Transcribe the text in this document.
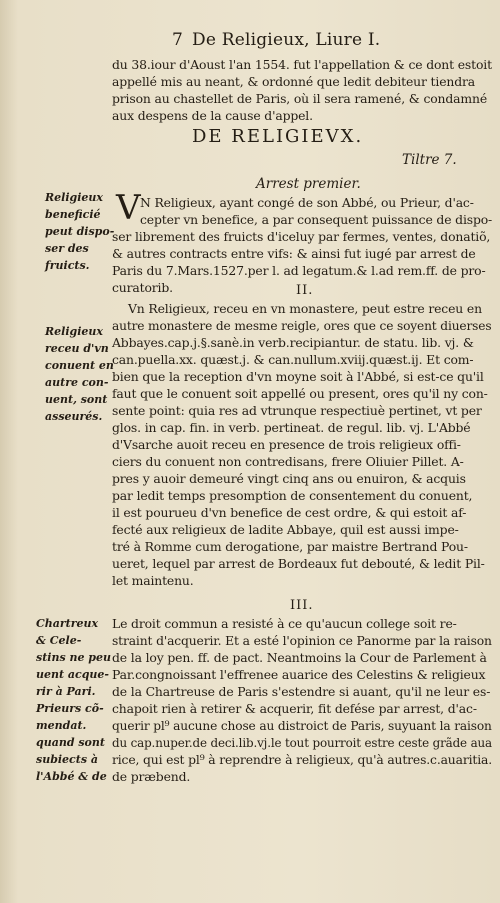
7 De Religieux, Liure I.
du 38.iour d'Aoust l'an 1554. fut l'appellation & ce dont estoit
appellé mis au neant, & ordonné que ledit debiteur tiendra
prison au chastellet de Paris, où il sera ramené, & condamné
aux despens de la cause d'appel.
DE RELIGIEVX.
Tiltre 7.
Arrest premier.
V N Religieux, ayant congé de son Abbé, ou Prieur, d'ac-
cepter vn benefice, a par consequent puissance de dispo-
ser librement des fruicts d'iceluy par fermes, ventes, donatiõ,
& autres contracts entre vifs: & ainsi fut iugé par arrest de
Paris du 7.Mars.1527.per l. ad legatum.& l.ad rem.ff. de pro-
curatorib.
Religieux
beneficié
peut dispo-
ser des
fruicts.
II.
Vn Religieux, receu en vn monastere, peut estre receu en
autre monastere de mesme reigle, ores que ce soyent diuerses
Abbayes.cap.j.§.sanè.in verb.recipiantur. de statu. lib. vj. &
can.puella.xx. quæst.j. & can.nullum.xviij.quæst.ij. Et com-
bien que la reception d'vn moyne soit à l'Abbé, si est-ce qu'il
faut que le conuent soit appellé ou present, ores qu'il ny con-
sente point: quia res ad vtrunque respectiuè pertinet, vt per
glos. in cap. fin. in verb. pertineat. de regul. lib. vj. L'Abbé
d'Vsarche auoit receu en presence de trois religieux offi-
ciers du conuent non contredisans, frere Oliuier Pillet. A-
pres y auoir demeuré vingt cinq ans ou enuiron, & acquis
par ledit temps presomption de consentement du conuent,
il est pourueu d'vn benefice de cest ordre, & qui estoit af-
fecté aux religieux de ladite Abbaye, quil est aussi impe-
tré à Romme cum derogatione, par maistre Bertrand Pou-
ueret, lequel par arrest de Bordeaux fut debouté, & ledit Pil-
let maintenu.
Religieux
receu d'vn
conuent en
autre con-
uent, sont
asseurés.
III.
Le droit commun a resisté à ce qu'aucun college soit re-
straint d'acquerir. Et a esté l'opinion ce Panorme par la raison
de la loy pen. ff. de pact. Neantmoins la Cour de Parlement à
Par.congnoissant l'effrenee auarice des Celestins & religieux
de la Chartreuse de Paris s'estendre si auant, qu'il ne leur es-
chapoit rien à retirer & acquerir, fit defése par arrest, d'ac-
querir pl⁹ aucune chose au distroict de Paris, suyuant la raison
du cap.nuper.de deci.lib.vj.le tout pourroit estre ceste grãde aua
rice, qui est pl⁹ à reprendre à religieux, qu'à autres.c.auaritia.
de præbend.
Chartreux
& Cele-
stins ne peu
uent acque-
rir à Pari.
Prieurs cõ-
mendat.
quand sont
subiects à
l'Abbé & de
